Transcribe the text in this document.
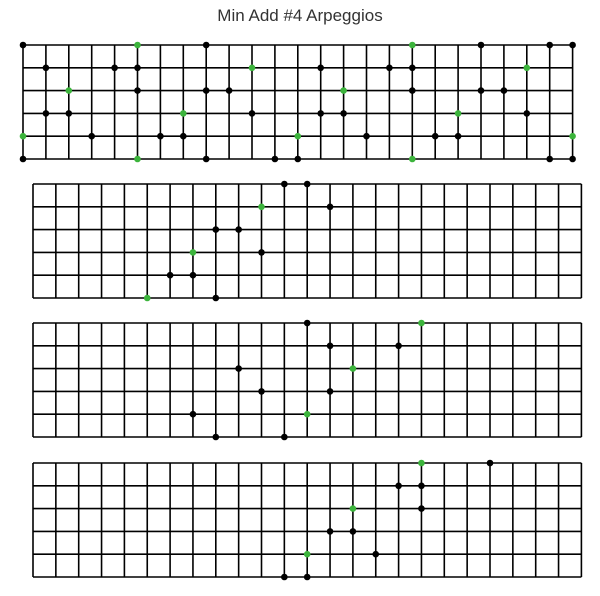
Min Add #4 Arpeggios
